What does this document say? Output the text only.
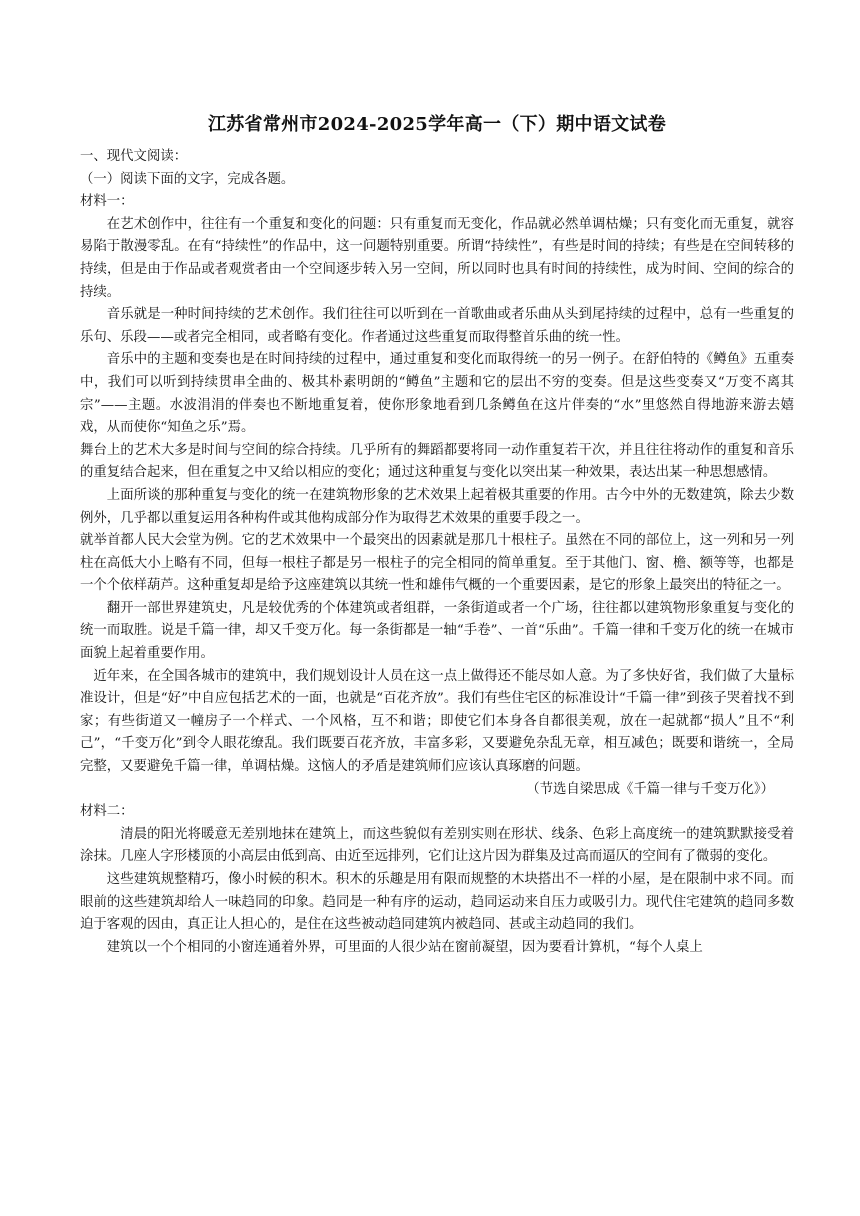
江苏省常州市2024-2025学年高一（下）期中语文试卷

一、现代文阅读：

（一）阅读下面的文字，完成各题。

材料一：

在艺术创作中，往往有一个重复和变化的问题：只有重复而无变化，作品就必然单调枯燥；只有变化而无重复，就容易陷于散漫零乱。在有“持续性”的作品中，这一问题特别重要。所谓“持续性”，有些是时间的持续；有些是在空间转移的持续，但是由于作品或者观赏者由一个空间逐步转入另一空间，所以同时也具有时间的持续性，成为时间、空间的综合的持续。

音乐就是一种时间持续的艺术创作。我们往往可以听到在一首歌曲或者乐曲从头到尾持续的过程中，总有一些重复的乐句、乐段——或者完全相同，或者略有变化。作者通过这些重复而取得整首乐曲的统一性。

音乐中的主题和变奏也是在时间持续的过程中，通过重复和变化而取得统一的另一例子。在舒伯特的《鳟鱼》五重奏中，我们可以听到持续贯串全曲的、极其朴素明朗的“鳟鱼”主题和它的层出不穷的变奏。但是这些变奏又“万变不离其宗”——主题。水波涓涓的伴奏也不断地重复着，使你形象地看到几条鳟鱼在这片伴奏的“水”里悠然自得地游来游去嬉戏，从而使你“知鱼之乐”焉。

舞台上的艺术大多是时间与空间的综合持续。几乎所有的舞蹈都要将同一动作重复若干次，并且往往将动作的重复和音乐的重复结合起来，但在重复之中又给以相应的变化；通过这种重复与变化以突出某一种效果，表达出某一种思想感情。

上面所谈的那种重复与变化的统一在建筑物形象的艺术效果上起着极其重要的作用。古今中外的无数建筑，除去少数例外，几乎都以重复运用各种构件或其他构成部分作为取得艺术效果的重要手段之一。

就举首都人民大会堂为例。它的艺术效果中一个最突出的因素就是那几十根柱子。虽然在不同的部位上，这一列和另一列柱在高低大小上略有不同，但每一根柱子都是另一根柱子的完全相同的简单重复。至于其他门、窗、檐、额等等，也都是一个个依样葫芦。这种重复却是给予这座建筑以其统一性和雄伟气概的一个重要因素，是它的形象上最突出的特征之一。

翻开一部世界建筑史，凡是较优秀的个体建筑或者组群，一条街道或者一个广场，往往都以建筑物形象重复与变化的统一而取胜。说是千篇一律，却又千变万化。每一条街都是一轴“手卷”、一首“乐曲”。千篇一律和千变万化的统一在城市面貌上起着重要作用。

近年来，在全国各城市的建筑中，我们规划设计人员在这一点上做得还不能尽如人意。为了多快好省，我们做了大量标准设计，但是“好”中自应包括艺术的一面，也就是“百花齐放”。我们有些住宅区的标准设计“千篇一律”到孩子哭着找不到家；有些街道又一幢房子一个样式、一个风格，互不和谐；即使它们本身各自都很美观，放在一起就都“损人”且不“利己”，“千变万化”到令人眼花缭乱。我们既要百花齐放，丰富多彩，又要避免杂乱无章，相互减色；既要和谐统一，全局完整，又要避免千篇一律，单调枯燥。这恼人的矛盾是建筑师们应该认真琢磨的问题。

（节选自梁思成《千篇一律与千变万化》）

材料二：

清晨的阳光将暖意无差别地抹在建筑上，而这些貌似有差别实则在形状、线条、色彩上高度统一的建筑默默接受着涂抹。几座人字形楼顶的小高层由低到高、由近至远排列，它们让这片因为群集及过高而逼仄的空间有了微弱的变化。

这些建筑规整精巧，像小时候的积木。积木的乐趣是用有限而规整的木块搭出不一样的小屋，是在限制中求不同。而眼前的这些建筑却给人一味趋同的印象。趋同是一种有序的运动，趋同运动来自压力或吸引力。现代住宅建筑的趋同多数迫于客观的因由，真正让人担心的，是住在这些被动趋同建筑内被趋同、甚或主动趋同的我们。

建筑以一个个相同的小窗连通着外界，可里面的人很少站在窗前凝望，因为要看计算机，“每个人桌上
